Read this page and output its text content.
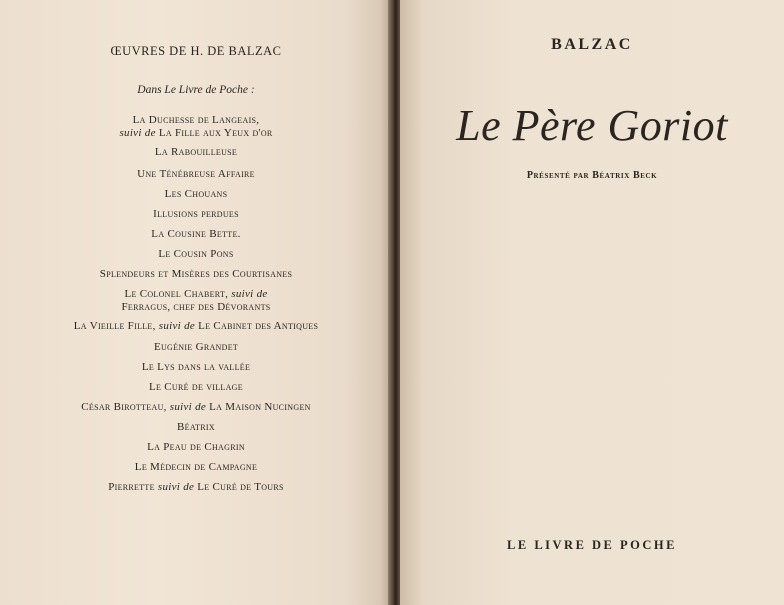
ŒUVRES DE H. DE BALZAC
Dans Le Livre de Poche :
La Duchesse de Langeais,
suivi de La Fille aux Yeux d'or
La Rabouilleuse
Une Ténébreuse Affaire
Les Chouans
Illusions perdues
La Cousine Bette.
Le Cousin Pons
Splendeurs et Misères des Courtisanes
Le Colonel Chabert, suivi de
Ferragus, chef des Dévorants
La Vieille Fille, suivi de Le Cabinet des Antiques
Eugénie Grandet
Le Lys dans la vallée
Le Curé de village
César Birotteau, suivi de La Maison Nucingen
Béatrix
La Peau de Chagrin
Le Médecin de Campagne
Pierrette suivi de Le Curé de Tours
BALZAC
Le Père Goriot
Présenté par Béatrix Beck
LE LIVRE DE POCHE
